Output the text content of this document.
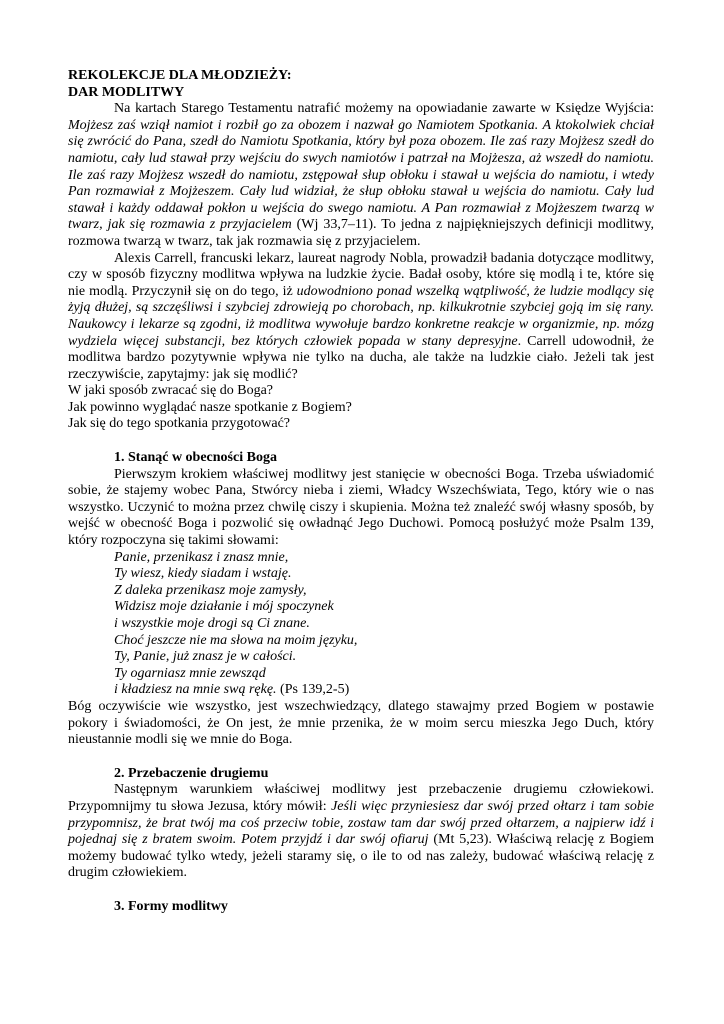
REKOLEKCJE DLA MŁODZIEŻY:

DAR MODLITWY

Na kartach Starego Testamentu natrafić możemy na opowiadanie zawarte w Księdze Wyjścia: Mojżesz zaś wziął namiot i rozbił go za obozem i nazwał go Namiotem Spotkania. A ktokolwiek chciał się zwrócić do Pana, szedł do Namiotu Spotkania, który był poza obozem. Ile zaś razy Mojżesz szedł do namiotu, cały lud stawał przy wejściu do swych namiotów i patrzał na Mojżesza, aż wszedł do namiotu. Ile zaś razy Mojżesz wszedł do namiotu, zstępował słup obłoku i stawał u wejścia do namiotu, i wtedy Pan rozmawiał z Mojżeszem. Cały lud widział, że słup obłoku stawał u wejścia do namiotu. Cały lud stawał i każdy oddawał pokłon u wejścia do swego namiotu. A Pan rozmawiał z Mojżeszem twarzą w twarz, jak się rozmawia z przyjacielem (Wj 33,7–11). To jedna z najpiękniejszych definicji modlitwy, rozmowa twarzą w twarz, tak jak rozmawia się z przyjacielem.

Alexis Carrell, francuski lekarz, laureat nagrody Nobla, prowadził badania dotyczące modlitwy, czy w sposób fizyczny modlitwa wpływa na ludzkie życie. Badał osoby, które się modlą i te, które się nie modlą. Przyczynił się on do tego, iż udowodniono ponad wszelką wątpliwość, że ludzie modlący się żyją dłużej, są szczęśliwsi i szybciej zdrowieją po chorobach, np. kilkukrotnie szybciej goją im się rany. Naukowcy i lekarze są zgodni, iż modlitwa wywołuje bardzo konkretne reakcje w organizmie, np. mózg wydziela więcej substancji, bez których człowiek popada w stany depresyjne. Carrell udowodnił, że modlitwa bardzo pozytywnie wpływa nie tylko na ducha, ale także na ludzkie ciało. Jeżeli tak jest rzeczywiście, zapytajmy: jak się modlić?

W jaki sposób zwracać się do Boga?

Jak powinno wyglądać nasze spotkanie z Bogiem?

Jak się do tego spotkania przygotować?

1. Stanąć w obecności Boga

Pierwszym krokiem właściwej modlitwy jest stanięcie w obecności Boga. Trzeba uświadomić sobie, że stajemy wobec Pana, Stwórcy nieba i ziemi, Władcy Wszechświata, Tego, który wie o nas wszystko. Uczynić to można przez chwilę ciszy i skupienia. Można też znaleźć swój własny sposób, by wejść w obecność Boga i pozwolić się owładnąć Jego Duchowi. Pomocą posłużyć może Psalm 139, który rozpoczyna się takimi słowami:

Panie, przenikasz i znasz mnie,
Ty wiesz, kiedy siadam i wstaję.
Z daleka przenikasz moje zamysły,
Widzisz moje działanie i mój spoczynek
i wszystkie moje drogi są Ci znane.
Choć jeszcze nie ma słowa na moim języku,
Ty, Panie, już znasz je w całości.
Ty ogarniasz mnie zewsząd
i kładziesz na mnie swą rękę. (Ps 139,2-5)

Bóg oczywiście wie wszystko, jest wszechwiedzący, dlatego stawajmy przed Bogiem w postawie pokory i świadomości, że On jest, że mnie przenika, że w moim sercu mieszka Jego Duch, który nieustannie modli się we mnie do Boga.

2. Przebaczenie drugiemu

Następnym warunkiem właściwej modlitwy jest przebaczenie drugiemu człowiekowi. Przypomnijmy tu słowa Jezusa, który mówił: Jeśli więc przyniesiesz dar swój przed ołtarz i tam sobie przypomnisz, że brat twój ma coś przeciw tobie, zostaw tam dar swój przed ołtarzem, a najpierw idź i pojednaj się z bratem swoim. Potem przyjdź i dar swój ofiaruj (Mt 5,23). Właściwą relację z Bogiem możemy budować tylko wtedy, jeżeli staramy się, o ile to od nas zależy, budować właściwą relację z drugim człowiekiem.

3. Formy modlitwy
